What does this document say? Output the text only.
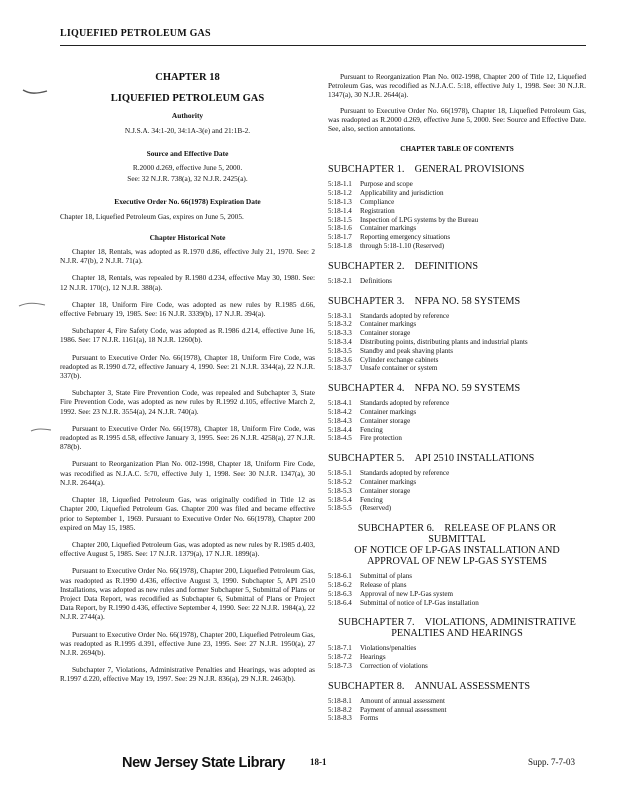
LIQUEFIED PETROLEUM GAS
CHAPTER 18
LIQUEFIED PETROLEUM GAS
Authority
N.J.S.A. 34:1-20, 34:1A-3(e) and 21:1B-2.
Source and Effective Date
R.2000 d.269, effective June 5, 2000.
See: 32 N.J.R. 738(a), 32 N.J.R. 2425(a).
Executive Order No. 66(1978) Expiration Date
Chapter 18, Liquefied Petroleum Gas, expires on June 5, 2005.
Chapter Historical Note

Chapter 18, Rentals, was adopted as R.1970 d.86, effective July 21, 1970. See: 2 N.J.R. 47(b), 2 N.J.R. 71(a).

Chapter 18, Rentals, was repealed by R.1980 d.234, effective May 30, 1980. See: 12 N.J.R. 170(c), 12 N.J.R. 388(a).

Chapter 18, Uniform Fire Code, was adopted as new rules by R.1985 d.66, effective February 19, 1985. See: 16 N.J.R. 3339(b), 17 N.J.R. 394(a).

Subchapter 4, Fire Safety Code, was adopted as R.1986 d.214, effective June 16, 1986. See: 17 N.J.R. 1161(a), 18 N.J.R. 1260(b).

Pursuant to Executive Order No. 66(1978), Chapter 18, Uniform Fire Code, was readopted as R.1990 d.72, effective January 4, 1990. See: 21 N.J.R. 3344(a), 22 N.J.R. 337(b).

Subchapter 3, State Fire Prevention Code, was repealed and Subchapter 3, State Fire Prevention Code, was adopted as new rules by R.1992 d.105, effective March 2, 1992. See: 23 N.J.R. 3554(a), 24 N.J.R. 740(a).

Pursuant to Executive Order No. 66(1978), Chapter 18, Uniform Fire Code, was readopted as R.1995 d.58, effective January 3, 1995. See: 26 N.J.R. 4258(a), 27 N.J.R. 878(b).

Pursuant to Reorganization Plan No. 002-1998, Chapter 18, Uniform Fire Code, was recodified as N.J.A.C. 5:70, effective July 1, 1998. See: 30 N.J.R. 1347(a), 30 N.J.R. 2644(a).

Chapter 18, Liquefied Petroleum Gas, was originally codified in Title 12 as Chapter 200, Liquefied Petroleum Gas. Chapter 200 was filed and became effective prior to September 1, 1969. Pursuant to Executive Order No. 66(1978), Chapter 200 expired on May 15, 1985.

Chapter 200, Liquefied Petroleum Gas, was adopted as new rules by R.1985 d.403, effective August 5, 1985. See: 17 N.J.R. 1379(a), 17 N.J.R. 1899(a).

Pursuant to Executive Order No. 66(1978), Chapter 200, Liquefied Petroleum Gas, was readopted as R.1990 d.436, effective August 3, 1990. Subchapter 5, API 2510 Installations, was adopted as new rules and former Subchapter 5, Submittal of Plans or Project Data Report, was recodified as Subchapter 6, Submittal of Plans or Project Data Report, by R.1990 d.436, effective September 4, 1990. See: 22 N.J.R. 1984(a), 22 N.J.R. 2744(a).

Pursuant to Executive Order No. 66(1978), Chapter 200, Liquefied Petroleum Gas, was readopted as R.1995 d.391, effective June 23, 1995. See: 27 N.J.R. 1950(a), 27 N.J.R. 2694(b).

Subchapter 7, Violations, Administrative Penalties and Hearings, was adopted as R.1997 d.220, effective May 19, 1997. See: 29 N.J.R. 836(a), 29 N.J.R. 2463(b).

Pursuant to Reorganization Plan No. 002-1998, Chapter 200 of Title 12, Liquefied Petroleum Gas, was recodified as N.J.A.C. 5:18, effective July 1, 1998. See: 30 N.J.R. 1347(a), 30 N.J.R. 2644(a).

Pursuant to Executive Order No. 66(1978), Chapter 18, Liquefied Petroleum Gas, was readopted as R.2000 d.269, effective June 5, 2000. See: Source and Effective Date. See, also, section annotations.

CHAPTER TABLE OF CONTENTS
SUBCHAPTER 1.  GENERAL PROVISIONS
5:18-1.1	Purpose and scope
5:18-1.2	Applicability and jurisdiction
5:18-1.3	Compliance
5:18-1.4	Registration
5:18-1.5	Inspection of LPG systems by the Bureau
5:18-1.6	Container markings
5:18-1.7	Reporting emergency situations
5:18-1.8	through 5:18-1.10 (Reserved)
SUBCHAPTER 2.  DEFINITIONS
5:18-2.1	Definitions
SUBCHAPTER 3.  NFPA NO. 58 SYSTEMS
5:18-3.1	Standards adopted by reference
5:18-3.2	Container markings
5:18-3.3	Container storage
5:18-3.4	Distributing points, distributing plants and industrial plants
5:18-3.5	Standby and peak shaving plants
5:18-3.6	Cylinder exchange cabinets
5:18-3.7	Unsafe container or system
SUBCHAPTER 4.  NFPA NO. 59 SYSTEMS
5:18-4.1	Standards adopted by reference
5:18-4.2	Container markings
5:18-4.3	Container storage
5:18-4.4	Fencing
5:18-4.5	Fire protection
SUBCHAPTER 5.  API 2510 INSTALLATIONS
5:18-5.1	Standards adopted by reference
5:18-5.2	Container markings
5:18-5.3	Container storage
5:18-5.4	Fencing
5:18-5.5	(Reserved)
SUBCHAPTER 6.  RELEASE OF PLANS OR SUBMITTAL
OF NOTICE OF LP-GAS INSTALLATION AND APPROVAL OF NEW LP-GAS SYSTEMS
5:18-6.1	Submittal of plans
5:18-6.2	Release of plans
5:18-6.3	Approval of new LP-Gas system
5:18-6.4	Submittal of notice of LP-Gas installation
SUBCHAPTER 7.  VIOLATIONS, ADMINISTRATIVE
PENALTIES AND HEARINGS
5:18-7.1	Violations/penalties
5:18-7.2	Hearings
5:18-7.3	Correction of violations
SUBCHAPTER 8.  ANNUAL ASSESSMENTS
5:18-8.1	Amount of annual assessment
5:18-8.2	Payment of annual assessment
5:18-8.3	Forms
New Jersey State Library	18-1	Supp. 7-7-03
